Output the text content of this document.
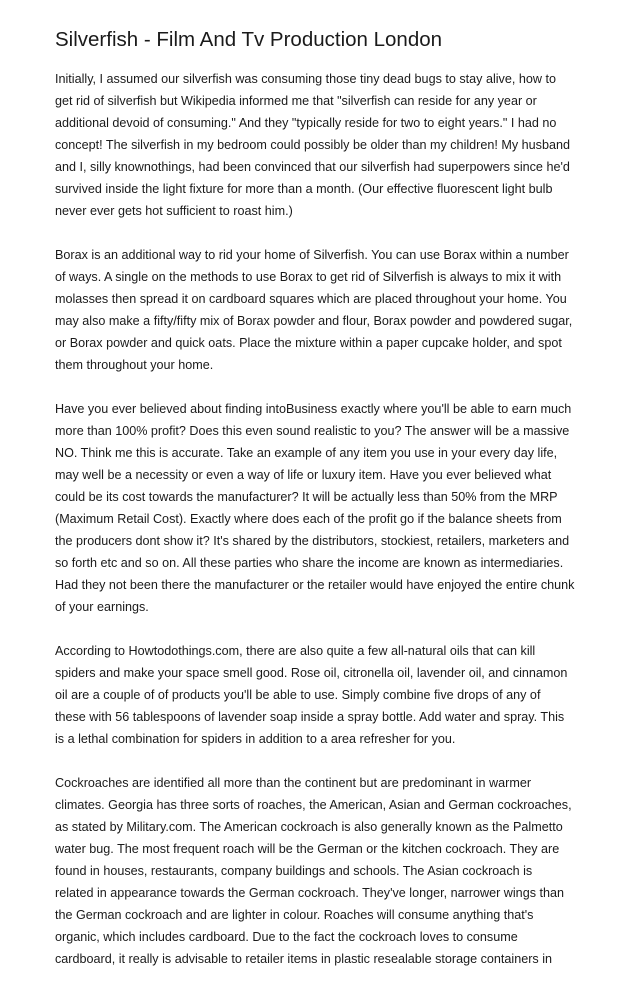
Silverfish - Film And Tv Production London
Initially, I assumed our silverfish was consuming those tiny dead bugs to stay alive, how to
get rid of silverfish but Wikipedia informed me that "silverfish can reside for any year or
additional devoid of consuming." And they "typically reside for two to eight years." I had no
concept! The silverfish in my bedroom could possibly be older than my children! My husband
and I, silly knownothings, had been convinced that our silverfish had superpowers since he'd
survived inside the light fixture for more than a month. (Our effective fluorescent light bulb
never ever gets hot sufficient to roast him.)
Borax is an additional way to rid your home of Silverfish. You can use Borax within a number
of ways. A single on the methods to use Borax to get rid of Silverfish is always to mix it with
molasses then spread it on cardboard squares which are placed throughout your home. You
may also make a fifty/fifty mix of Borax powder and flour, Borax powder and powdered sugar,
or Borax powder and quick oats. Place the mixture within a paper cupcake holder, and spot
them throughout your home.
Have you ever believed about finding intoBusiness exactly where you'll be able to earn much
more than 100% profit? Does this even sound realistic to you? The answer will be a massive
NO. Think me this is accurate. Take an example of any item you use in your every day life,
may well be a necessity or even a way of life or luxury item. Have you ever believed what
could be its cost towards the manufacturer? It will be actually less than 50% from the MRP
(Maximum Retail Cost). Exactly where does each of the profit go if the balance sheets from
the producers dont show it? It's shared by the distributors, stockiest, retailers, marketers and
so forth etc and so on. All these parties who share the income are known as intermediaries.
Had they not been there the manufacturer or the retailer would have enjoyed the entire chunk
of your earnings.
According to Howtodothings.com, there are also quite a few all-natural oils that can kill
spiders and make your space smell good. Rose oil, citronella oil, lavender oil, and cinnamon
oil are a couple of of products you'll be able to use. Simply combine five drops of any of
these with 56 tablespoons of lavender soap inside a spray bottle. Add water and spray. This
is a lethal combination for spiders in addition to a area refresher for you.
Cockroaches are identified all more than the continent but are predominant in warmer
climates. Georgia has three sorts of roaches, the American, Asian and German cockroaches,
as stated by Military.com. The American cockroach is also generally known as the Palmetto
water bug. The most frequent roach will be the German or the kitchen cockroach. They are
found in houses, restaurants, company buildings and schools. The Asian cockroach is
related in appearance towards the German cockroach. They've longer, narrower wings than
the German cockroach and are lighter in colour. Roaches will consume anything that's
organic, which includes cardboard. Due to the fact the cockroach loves to consume
cardboard, it really is advisable to retailer items in plastic resealable storage containers in
